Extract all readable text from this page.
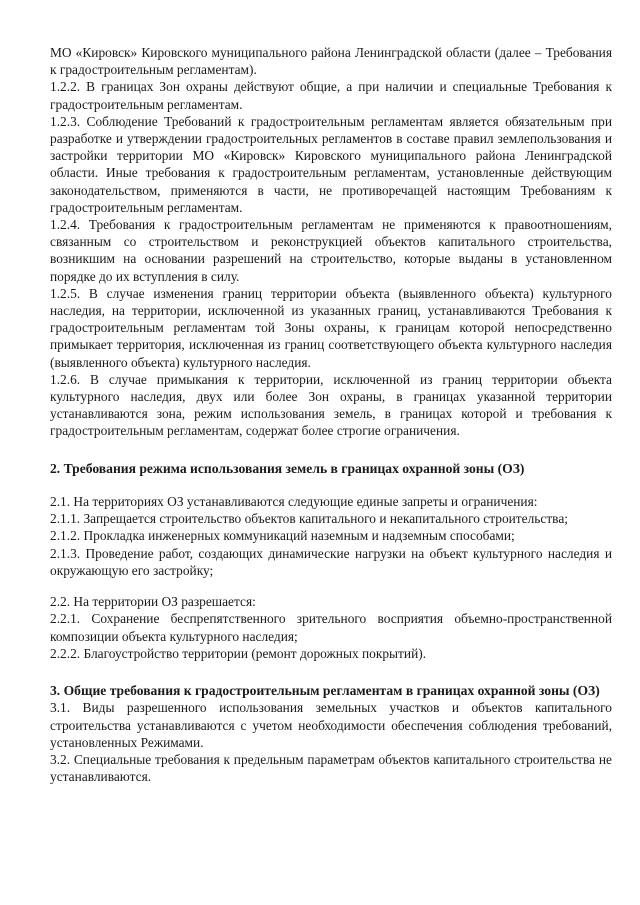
МО «Кировск» Кировского муниципального района Ленинградской области (далее – Требования к градостроительным регламентам).

1.2.2. В границах Зон охраны действуют общие, а при наличии и специальные Требования к градостроительным регламентам.

1.2.3. Соблюдение Требований к градостроительным регламентам является обязательным при разработке и утверждении градостроительных регламентов в составе правил землепользования и застройки территории МО «Кировск» Кировского муниципального района Ленинградской области. Иные требования к градостроительным регламентам, установленные действующим законодательством, применяются в части, не противоречащей настоящим Требованиям к градостроительным регламентам.

1.2.4. Требования к градостроительным регламентам не применяются к правоотношениям, связанным со строительством и реконструкцией объектов капитального строительства, возникшим на основании разрешений на строительство, которые выданы в установленном порядке до их вступления в силу.

1.2.5. В случае изменения границ территории объекта (выявленного объекта) культурного наследия, на территории, исключенной из указанных границ, устанавливаются Требования к градостроительным регламентам той Зоны охраны, к границам которой непосредственно примыкает территория, исключенная из границ соответствующего объекта культурного наследия (выявленного объекта) культурного наследия.

1.2.6. В случае примыкания к территории, исключенной из границ территории объекта культурного наследия, двух или более Зон охраны, в границах указанной территории устанавливаются зона, режим использования земель, в границах которой и требования к градостроительным регламентам, содержат более строгие ограничения.

2. Требования режима использования земель в границах охранной зоны (ОЗ)

2.1. На территориях ОЗ устанавливаются следующие единые запреты и ограничения:

2.1.1. Запрещается строительство объектов капитального и некапитального строительства;

2.1.2. Прокладка инженерных коммуникаций наземным и надземным способами;

2.1.3. Проведение работ, создающих динамические нагрузки на объект культурного наследия и окружающую его застройку;

2.2. На территории ОЗ разрешается:

2.2.1. Сохранение беспрепятственного зрительного восприятия объемно-пространственной композиции объекта культурного наследия;

2.2.2. Благоустройство территории (ремонт дорожных покрытий).

3. Общие требования к градостроительным регламентам в границах охранной зоны (ОЗ)

3.1. Виды разрешенного использования земельных участков и объектов капитального строительства устанавливаются с учетом необходимости обеспечения соблюдения требований, установленных Режимами.

3.2. Специальные требования к предельным параметрам объектов капитального строительства не устанавливаются.
